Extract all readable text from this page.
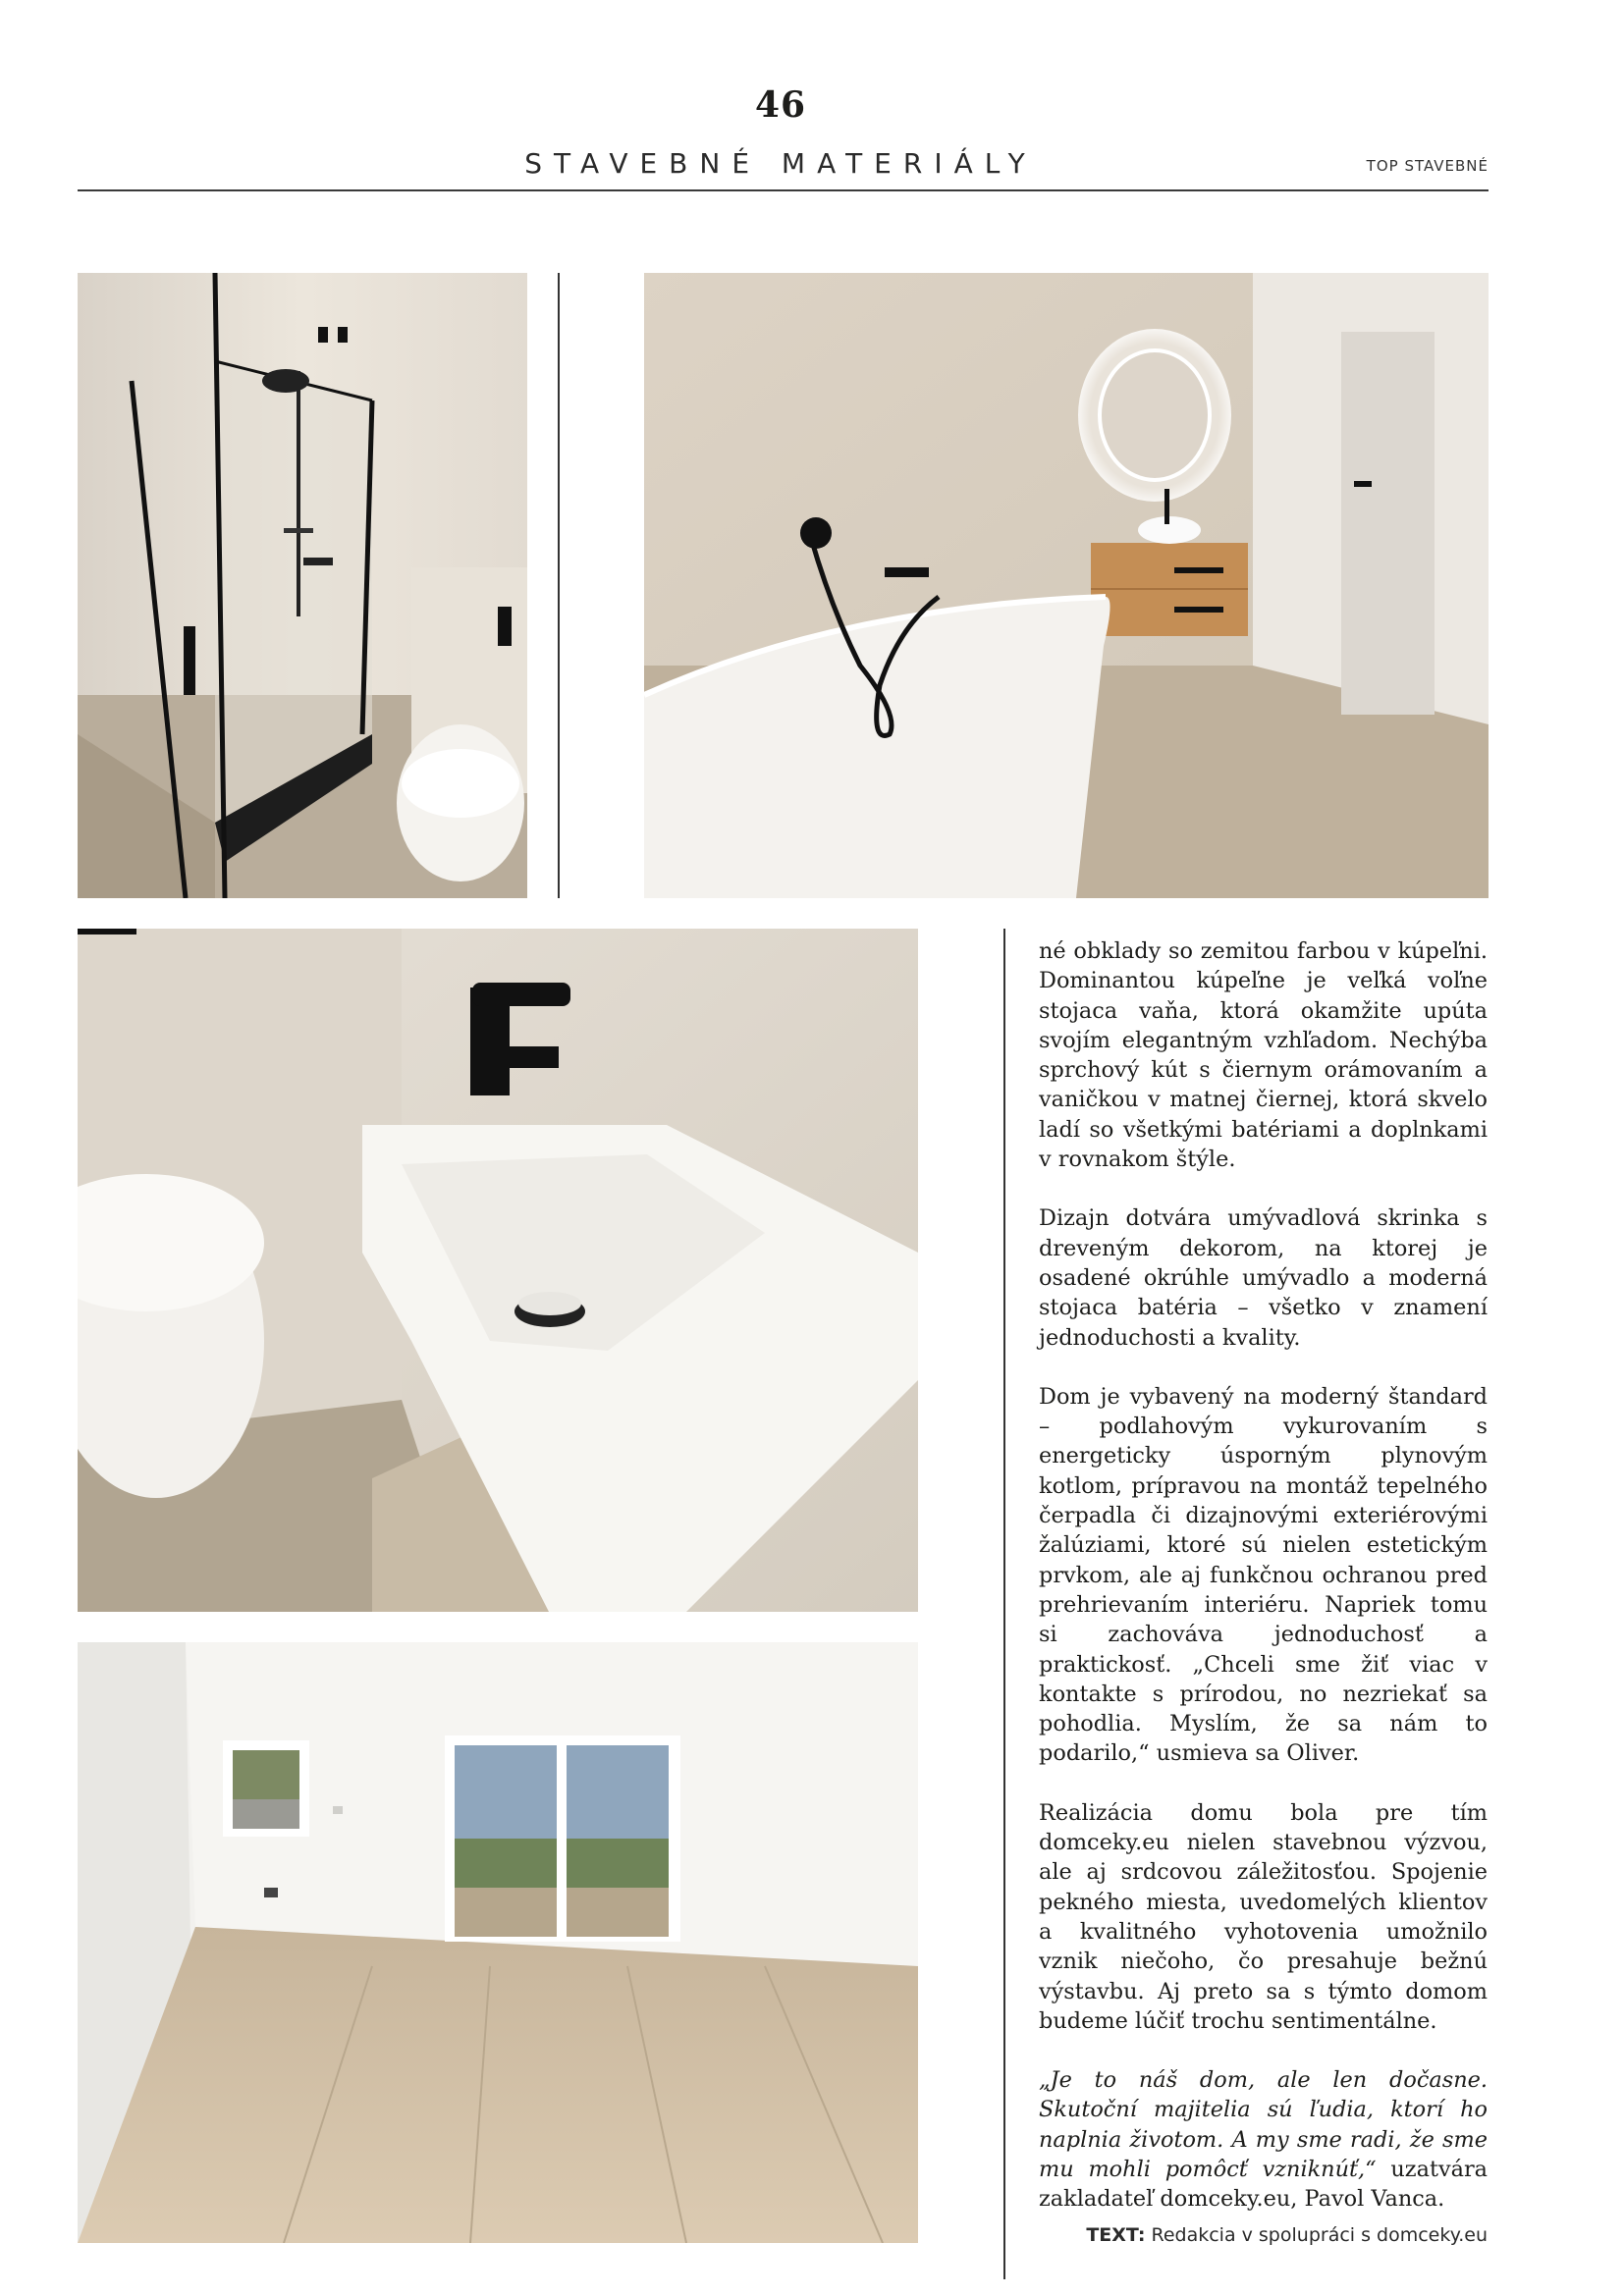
46
STAVEBNÉ MATERIÁLY	TOP STAVEBNÉ

né obklady so zemitou farbou v kúpeľni. Dominantou kúpeľne je veľká voľne stojaca vaňa, ktorá okamžite upúta svojím elegantným vzhľadom. Nechýba sprchový kút s čiernym orámovaním a vaničkou v matnej čiernej, ktorá skvelo ladí so všetkými batériami a doplnkami v rovnakom štýle.

Dizajn dotvára umývadlová skrinka s dreveným dekorom, na ktorej je osadené okrúhle umývadlo a moderná stojaca batéria – všetko v znamení jednoduchosti a kvality.

Dom je vybavený na moderný štandard – podlahovým vykurovaním s energeticky úsporným plynovým kotlom, prípravou na montáž tepelného čerpadla či dizajnovými exteriérovými žalúziami, ktoré sú nielen estetickým prvkom, ale aj funkčnou ochranou pred prehrievaním interiéru. Napriek tomu si zachováva jednoduchosť a praktickosť. „Chceli sme žiť viac v kontakte s prírodou, no nezriekať sa pohodlia. Myslím, že sa nám to podarilo,“ usmieva sa Oliver.

Realizácia domu bola pre tím domceky.eu nielen stavebnou výzvou, ale aj srdcovou záležitosťou. Spojenie pekného miesta, uvedomelých klientov a kvalitného vyhotovenia umožnilo vznik niečoho, čo presahuje bežnú výstavbu. Aj preto sa s týmto domom budeme lúčiť trochu sentimentálne.

„Je to náš dom, ale len dočasne. Skutoční majitelia sú ľudia, ktorí ho naplnia životom. A my sme radi, že sme mu mohli pomôcť vzniknúť,“ uzatvára zakladateľ domceky.eu, Pavol Vanca.

TEXT: Redakcia v spolupráci s domceky.eu
